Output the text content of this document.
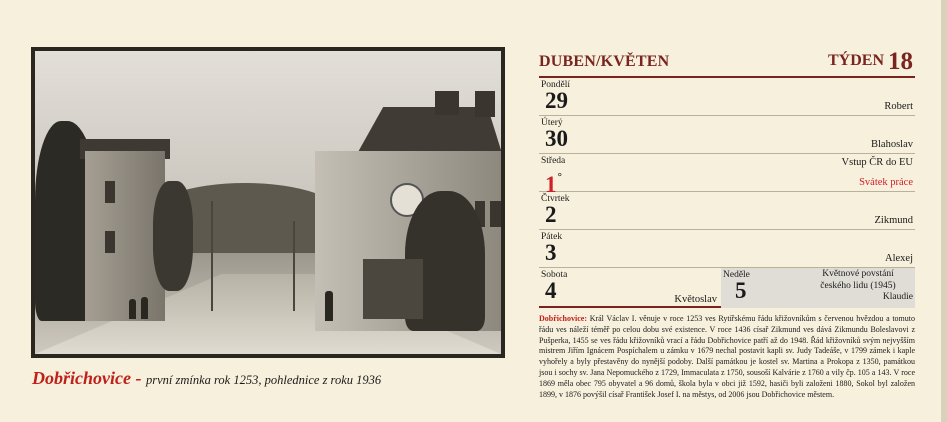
Dobřichovice - první zmínka rok 1253, pohlednice z roku 1936
DUBEN/KVĚTEN	TÝDEN 18
Pondělí
29	Robert
Úterý
30	Blahoslav
Středa
1°
Vstup ČR do EU
Svátek práce
Čtvrtek
2	Zikmund
Pátek
3	Alexej
Sobota
4	Květoslav
Neděle
5
Květnové povstání
českého lidu (1945)

Klaudie
Dobřichovice: Král Václav I. věnuje v roce 1253 ves Rytířskému řádu křižovníkům s červenou hvězdou a tomuto řádu ves náleží téměř po celou dobu své existence. V roce 1436 císař Zikmund ves dává Zikmundu Boleslavovi z Pušperka, 1455 se ves řádu křižovníků vrací a řádu Dobřichovice patří až do 1948. Řád křižovníků svým nejvyšším mistrem Jiřím Ignácem Pospíchalem u zámku v 1679 nechal postavit kapli sv. Judy Tadeáše, v 1799 zámek i kaple vyhořely a byly přestavěny do nynější podoby. Další památkou je kostel sv. Martina a Prokopa z 1350, památkou jsou i sochy sv. Jana Nepomuckého z 1729, Immaculata z 1750, sousoší Kalvárie z 1760 a vily čp. 105 a 143. V roce 1869 měla obec 795 obyvatel a 96 domů, škola byla v obci již 1592, hasiči byli založeni 1880, Sokol byl založen 1899, v 1876 povýšil císař František Josef I. na městys, od 2006 jsou Dobřichovice městem.
